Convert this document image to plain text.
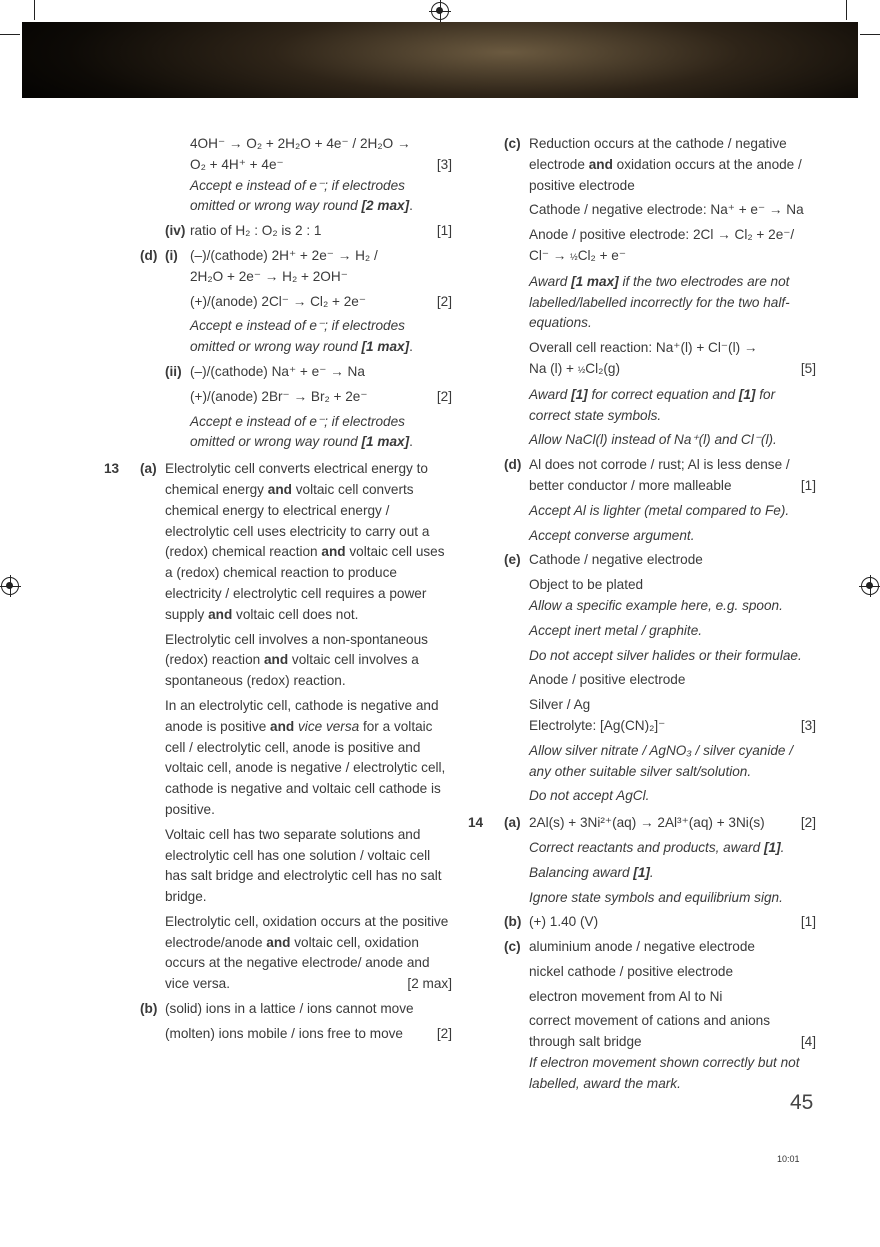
4OH⁻ → O₂ + 2H₂O + 4e⁻ / 2H₂O →
O₂ + 4H⁺ + 4e⁻	[3]
Accept e instead of e⁻; if electrodes omitted or wrong way round [2 max].
(iv) ratio of H₂ : O₂ is 2 : 1	[1]
(d) (i) (–)/(cathode) 2H⁺ + 2e⁻ → H₂ /
2H₂O + 2e⁻ → H₂ + 2OH⁻
(+)/(anode) 2Cl⁻ → Cl₂ + 2e⁻	[2]
Accept e instead of e⁻; if electrodes omitted or wrong way round [1 max].
(ii) (–)/(cathode) Na⁺ + e⁻ → Na
(+)/(anode) 2Br⁻ → Br₂ + 2e⁻	[2]
Accept e instead of e⁻; if electrodes omitted or wrong way round [1 max].
13 (a) Electrolytic cell converts electrical energy to chemical energy and voltaic cell converts chemical energy to electrical energy / electrolytic cell uses electricity to carry out a (redox) chemical reaction and voltaic cell uses a (redox) chemical reaction to produce electricity / electrolytic cell requires a power supply and voltaic cell does not.
Electrolytic cell involves a non-spontaneous (redox) reaction and voltaic cell involves a spontaneous (redox) reaction.
In an electrolytic cell, cathode is negative and anode is positive and vice versa for a voltaic cell / electrolytic cell, anode is positive and voltaic cell, anode is negative / electrolytic cell, cathode is negative and voltaic cell cathode is positive.
Voltaic cell has two separate solutions and electrolytic cell has one solution / voltaic cell has salt bridge and electrolytic cell has no salt bridge.
Electrolytic cell, oxidation occurs at the positive electrode/anode and voltaic cell, oxidation occurs at the negative electrode/ anode and vice versa.	[2 max]
(b) (solid) ions in a lattice / ions cannot move
(molten) ions mobile / ions free to move [2]
(c) Reduction occurs at the cathode / negative electrode and oxidation occurs at the anode / positive electrode
Cathode / negative electrode: Na⁺ + e⁻ → Na
Anode / positive electrode: 2Cl → Cl₂ + 2e⁻/
Cl⁻ → ½Cl₂ + e⁻
Award [1 max] if the two electrodes are not labelled/labelled incorrectly for the two half-equations.
Overall cell reaction: Na⁺(l) + Cl⁻(l) →
Na (l) + ½Cl₂(g)	[5]
Award [1] for correct equation and [1] for correct state symbols.
Allow NaCl(l) instead of Na⁺(l) and Cl⁻(l).
(d) Al does not corrode / rust; Al is less dense / better conductor / more malleable	[1]
Accept Al is lighter (metal compared to Fe).
Accept converse argument.
(e) Cathode / negative electrode
Object to be plated
Allow a specific example here, e.g. spoon.
Accept inert metal / graphite.
Do not accept silver halides or their formulae.
Anode / positive electrode
Silver / Ag
Electrolyte: [Ag(CN)₂]⁻	[3]
Allow silver nitrate / AgNO₃ / silver cyanide / any other suitable silver salt/solution.
Do not accept AgCl.
14 (a) 2Al(s) + 3Ni²⁺(aq) → 2Al³⁺(aq) + 3Ni(s)	[2]
Correct reactants and products, award [1].
Balancing award [1].
Ignore state symbols and equilibrium sign.
(b) (+) 1.40 (V)	[1]
(c) aluminium anode / negative electrode
nickel cathode / positive electrode
electron movement from Al to Ni
correct movement of cations and anions through salt bridge	[4]
If electron movement shown correctly but not labelled, award the mark.
45
10:01
